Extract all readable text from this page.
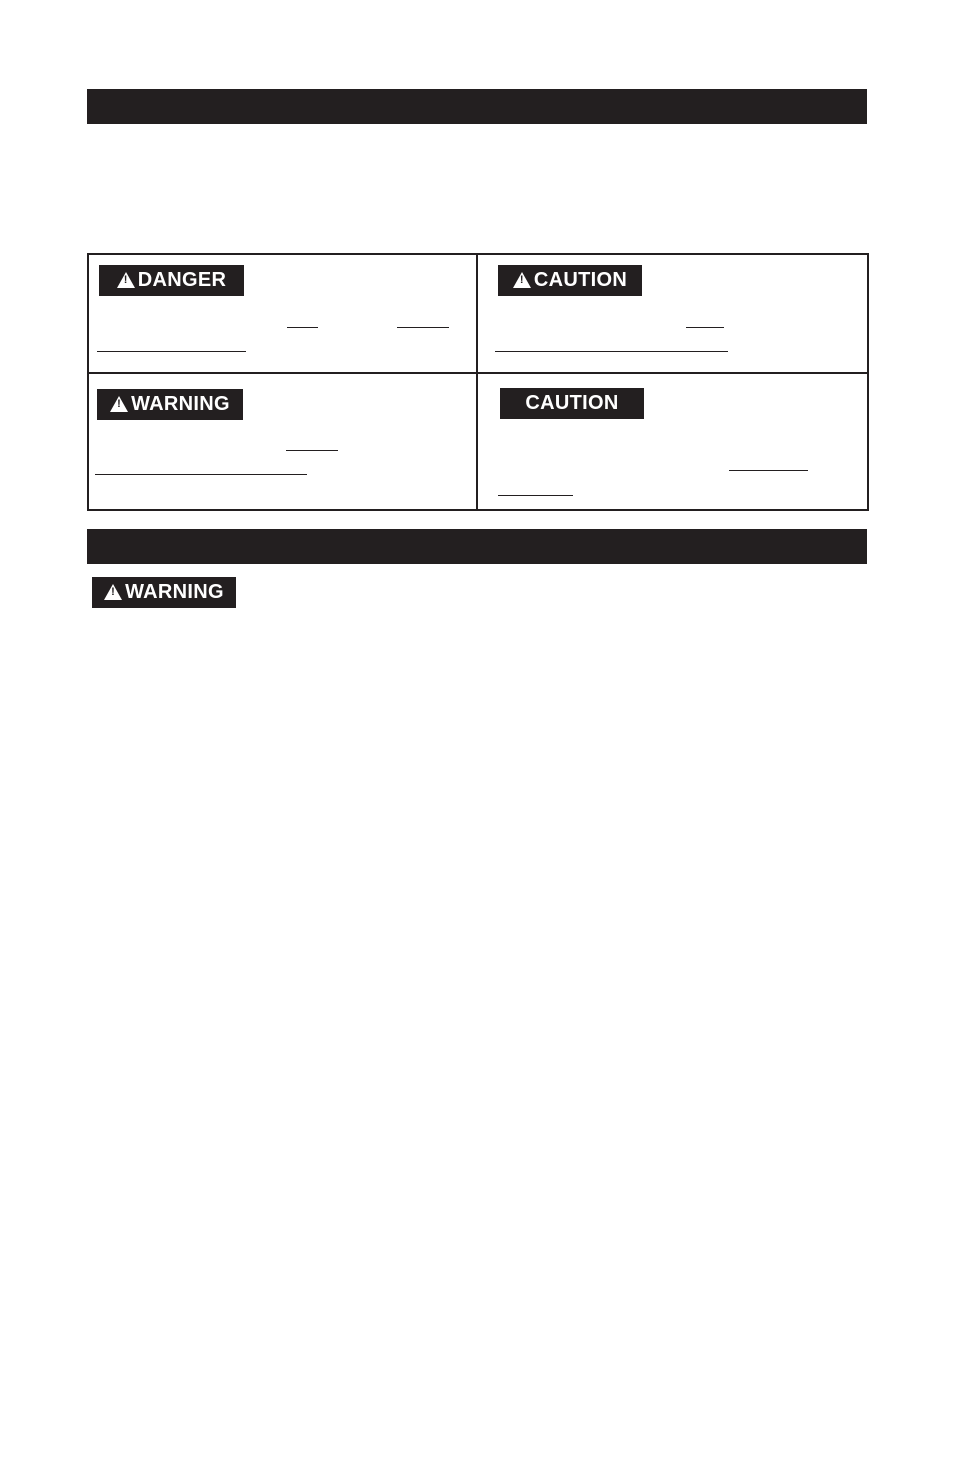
!
DANGER
!	CAUTION
!
WARNING	CAUTION
!
WARNING
